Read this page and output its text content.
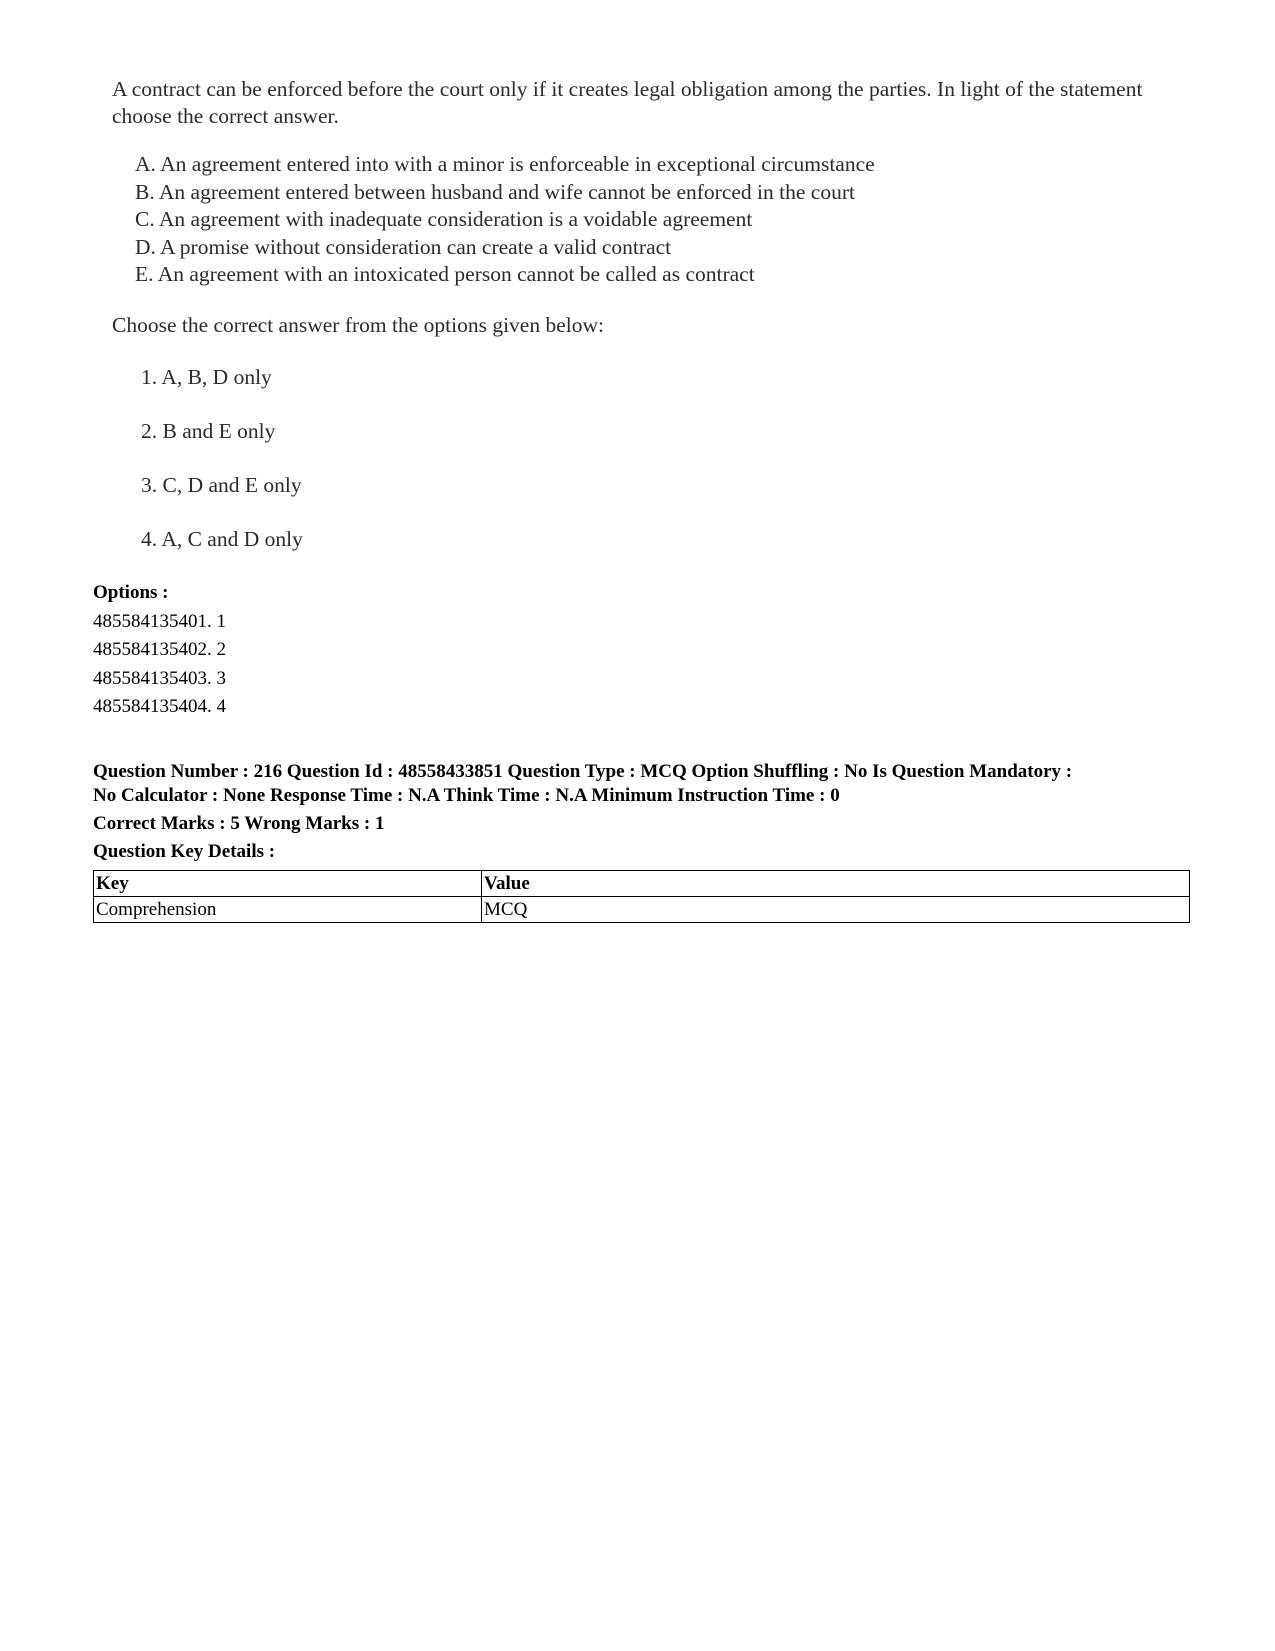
A contract can be enforced before the court only if it creates legal obligation among the parties. In light of the statement choose the correct answer.

A. An agreement entered into with a minor is enforceable in exceptional circumstance
B. An agreement entered between husband and wife cannot be enforced in the court
C. An agreement with inadequate consideration is a voidable agreement
D. A promise without consideration can create a valid contract
E. An agreement with an intoxicated person cannot be called as contract

Choose the correct answer from the options given below:

1. A, B, D only
2. B and E only
3. C, D and E only
4. A, C and D only
Options :
485584135401. 1
485584135402. 2
485584135403. 3
485584135404. 4
Question Number : 216 Question Id : 48558433851 Question Type : MCQ Option Shuffling : No Is Question Mandatory :
No Calculator : None Response Time : N.A Think Time : N.A Minimum Instruction Time : 0
Correct Marks : 5 Wrong Marks : 1
Question Key Details :
Key	Value
Comprehension	MCQ
